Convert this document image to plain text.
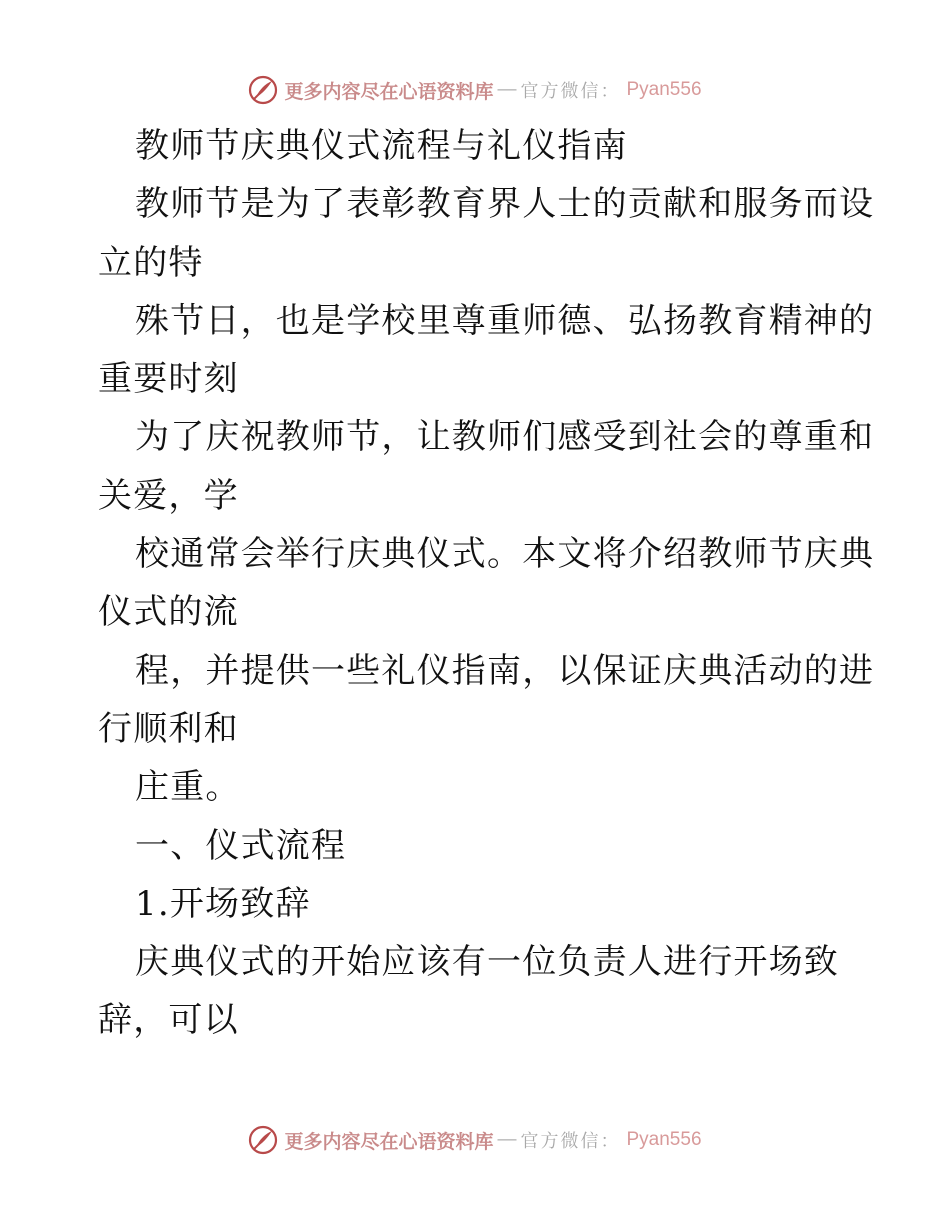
更多内容尽在心语资料库 — 官方微信： Pyan556
教师节庆典仪式流程与礼仪指南
教师节是为了表彰教育界人士的贡献和服务而设
立的特
殊节日，也是学校里尊重师德、弘扬教育精神的
重要时刻
为了庆祝教师节，让教师们感受到社会的尊重和
关爱，学
校通常会举行庆典仪式。本文将介绍教师节庆典
仪式的流
程，并提供一些礼仪指南，以保证庆典活动的进
行顺利和
庄重。
一、仪式流程
1.开场致辞
庆典仪式的开始应该有一位负责人进行开场致
辞，可以
更多内容尽在心语资料库 — 官方微信： Pyan556
